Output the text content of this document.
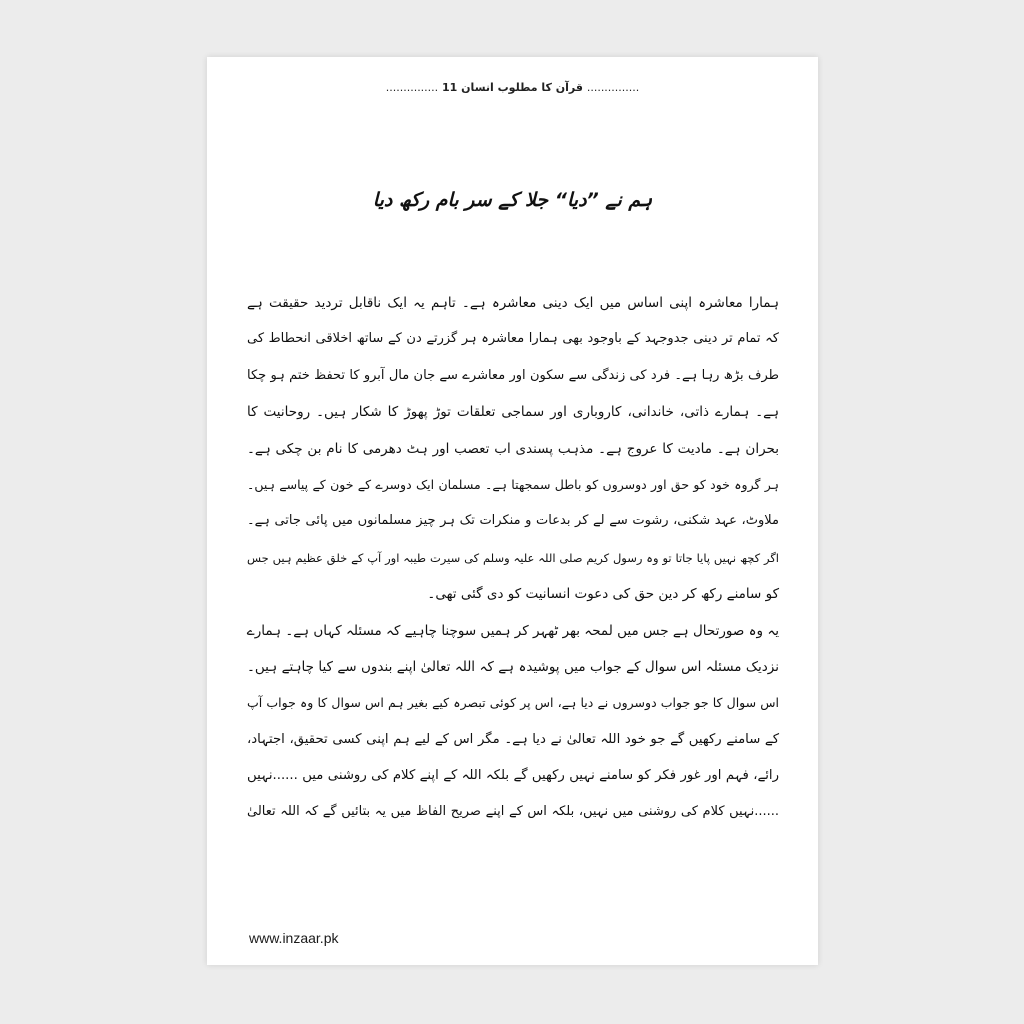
............... قرآن کا مطلوب انسان 11 ...............
ہم نے ”دیا“ جلا کے سر بام رکھ دیا
ہمارا معاشرہ اپنی اساس میں ایک دینی معاشرہ ہے۔ تاہم یہ ایک ناقابل تردید حقیقت ہے
کہ تمام تر دینی جدوجہد کے باوجود بھی ہمارا معاشرہ ہر گزرتے دن کے ساتھ اخلاقی انحطاط کی
طرف بڑھ رہا ہے۔ فرد کی زندگی سے سکون اور معاشرے سے جان مال آبرو کا تحفظ ختم ہو چکا
ہے۔ ہمارے ذاتی، خاندانی، کاروباری اور سماجی تعلقات توڑ پھوڑ کا شکار ہیں۔ روحانیت کا
بحران ہے۔ مادیت کا عروج ہے۔ مذہب پسندی اب تعصب اور ہٹ دھرمی کا نام بن چکی ہے۔
ہر گروہ خود کو حق اور دوسروں کو باطل سمجھتا ہے۔ مسلمان ایک دوسرے کے خون کے پیاسے ہیں۔
ملاوٹ، عہد شکنی، رشوت سے لے کر بدعات و منکرات تک ہر چیز مسلمانوں میں پائی جاتی ہے۔
اگر کچھ نہیں پایا جاتا تو وہ رسول کریم صلی اللہ علیہ وسلم کی سیرت طیبہ اور آپ کے خلق عظیم ہیں جس
کو سامنے رکھ کر دین حق کی دعوت انسانیت کو دی گئی تھی۔
یہ وہ صورتحال ہے جس میں لمحہ بھر ٹھہر کر ہمیں سوچنا چاہیے کہ مسئلہ کہاں ہے۔ ہمارے
نزدیک مسئلہ اس سوال کے جواب میں پوشیدہ ہے کہ اللہ تعالیٰ اپنے بندوں سے کیا چاہتے ہیں۔
اس سوال کا جو جواب دوسروں نے دیا ہے، اس پر کوئی تبصرہ کیے بغیر ہم اس سوال کا وہ جواب آپ
کے سامنے رکھیں گے جو خود اللہ تعالیٰ نے دیا ہے۔ مگر اس کے لیے ہم اپنی کسی تحقیق، اجتہاد،
رائے، فہم اور غور فکر کو سامنے نہیں رکھیں گے بلکہ اللہ کے اپنے کلام کی روشنی میں ......نہیں
......نہیں کلام کی روشنی میں نہیں، بلکہ اس کے اپنے صریح الفاظ میں یہ بتائیں گے کہ اللہ تعالیٰ
www.inzaar.pk
